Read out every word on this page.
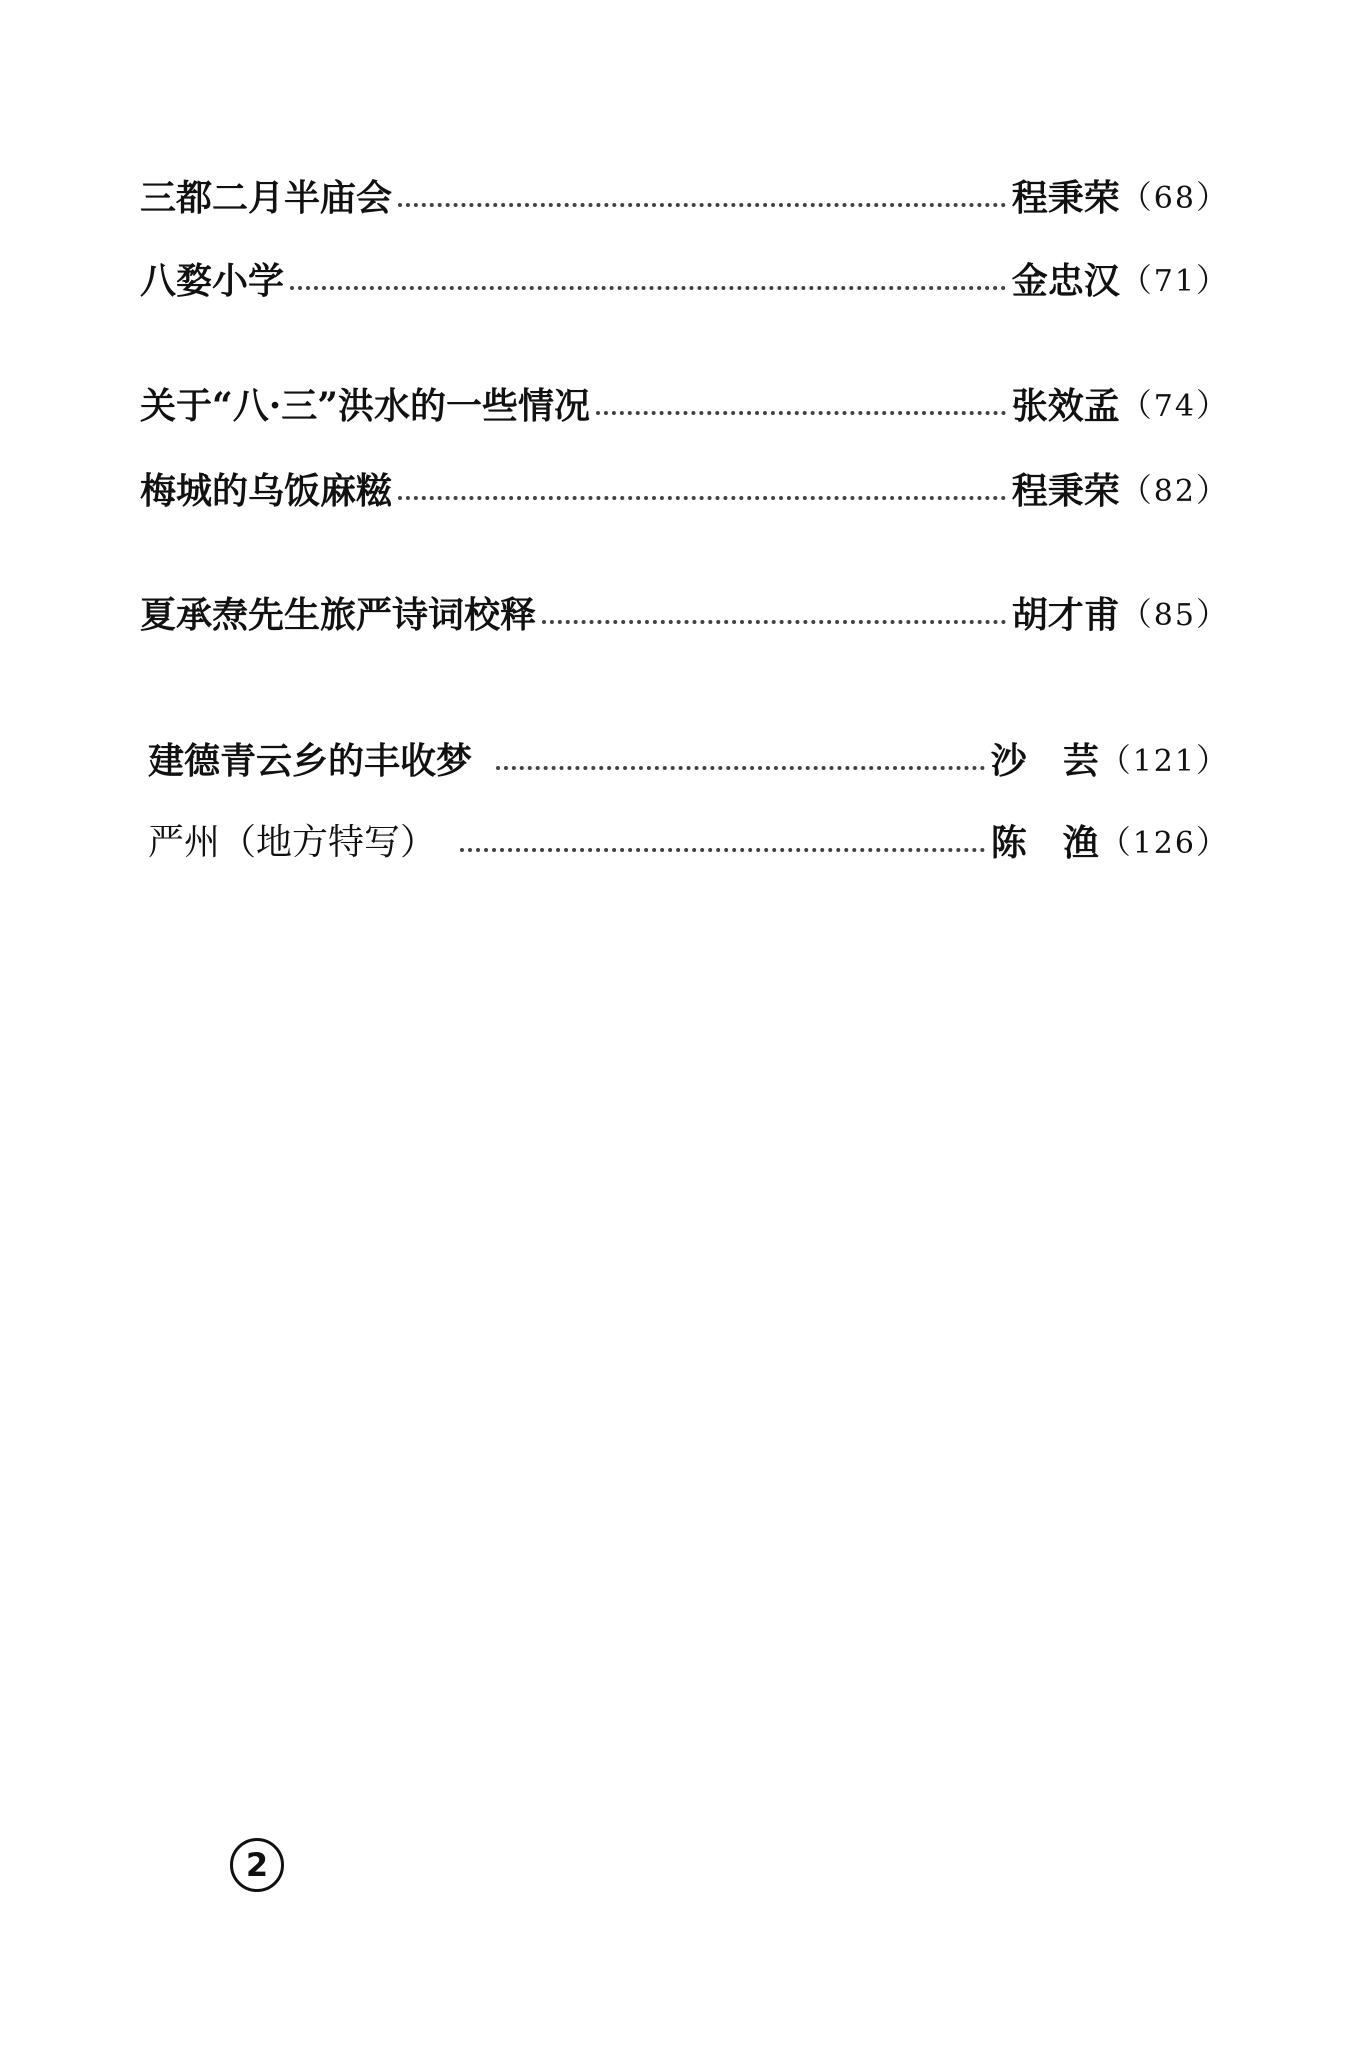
三都二月半庙会	程秉荣 （68）
八婺小学	金忠汉 （71）
关于“八·三”洪水的一些情况	张效孟 （74）
梅城的乌饭麻糍	程秉荣 （82）
夏承焘先生旅严诗词校释	胡才甫 （85）
建德青云乡的丰收梦	沙　芸 （121）
严州（地方特写）	陈　渔 （126）
2
